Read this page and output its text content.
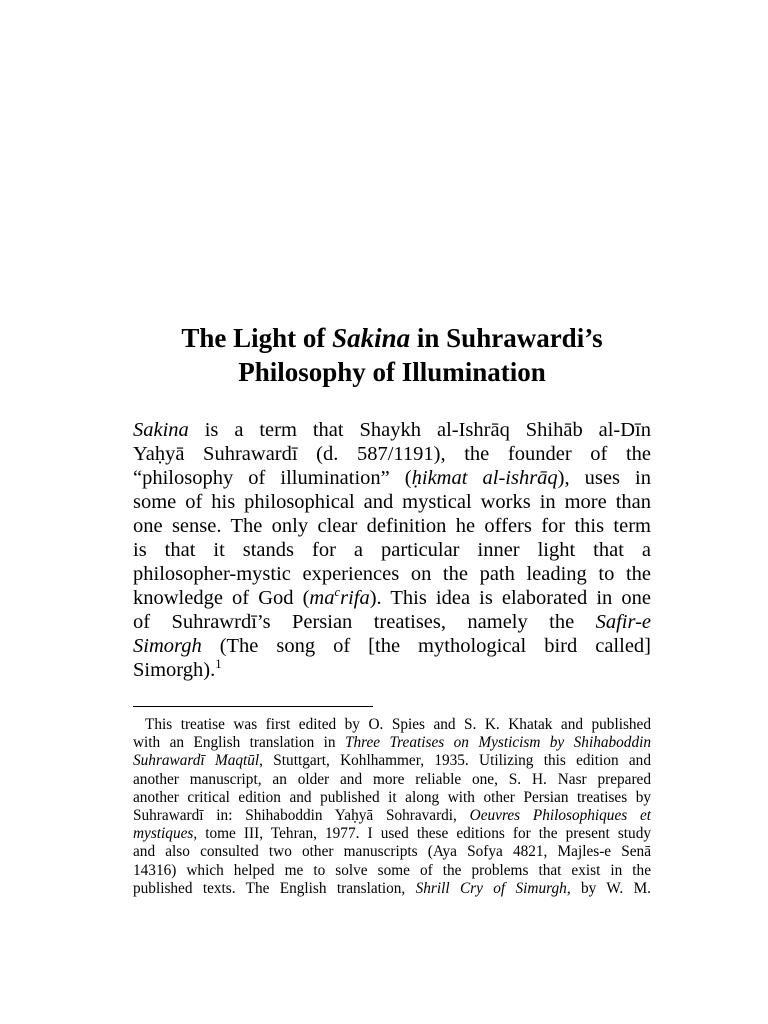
The Light of Sakina in Suhrawardi’s
Philosophy of Illumination
Sakina is a term that Shaykh al-Ishrāq Shihāb al-Dīn
Yaḥyā Suhrawardī (d. 587/1191), the founder of the
“philosophy of illumination” (ḥikmat al-ishrāq), uses in
some of his philosophical and mystical works in more than
one sense. The only clear definition he offers for this term
is that it stands for a particular inner light that a
philosopher-mystic experiences on the path leading to the
knowledge of God $(ma^crifa)$. This idea is elaborated in one
of Suhrawrdī’s Persian treatises, namely the Safir-e
Simorgh (The song of [the mythological bird called]
Simorgh).$^1$
This treatise was first edited by O. Spies and S. K. Khatak and published
with an English translation in Three Treatises on Mysticism by Shihaboddin
Suhrawardī Maqtūl, Stuttgart, Kohlhammer, 1935. Utilizing this edition and
another manuscript, an older and more reliable one, S. H. Nasr prepared
another critical edition and published it along with other Persian treatises by
Suhrawardī in: Shihaboddin Yaḥyā Sohravardi, Oeuvres Philosophiques et
mystiques, tome III, Tehran, 1977. I used these editions for the present study
and also consulted two other manuscripts (Aya Sofya 4821, Majles-e Senā
14316) which helped me to solve some of the problems that exist in the
published texts. The English translation, Shrill Cry of Simurgh, by W. M.
